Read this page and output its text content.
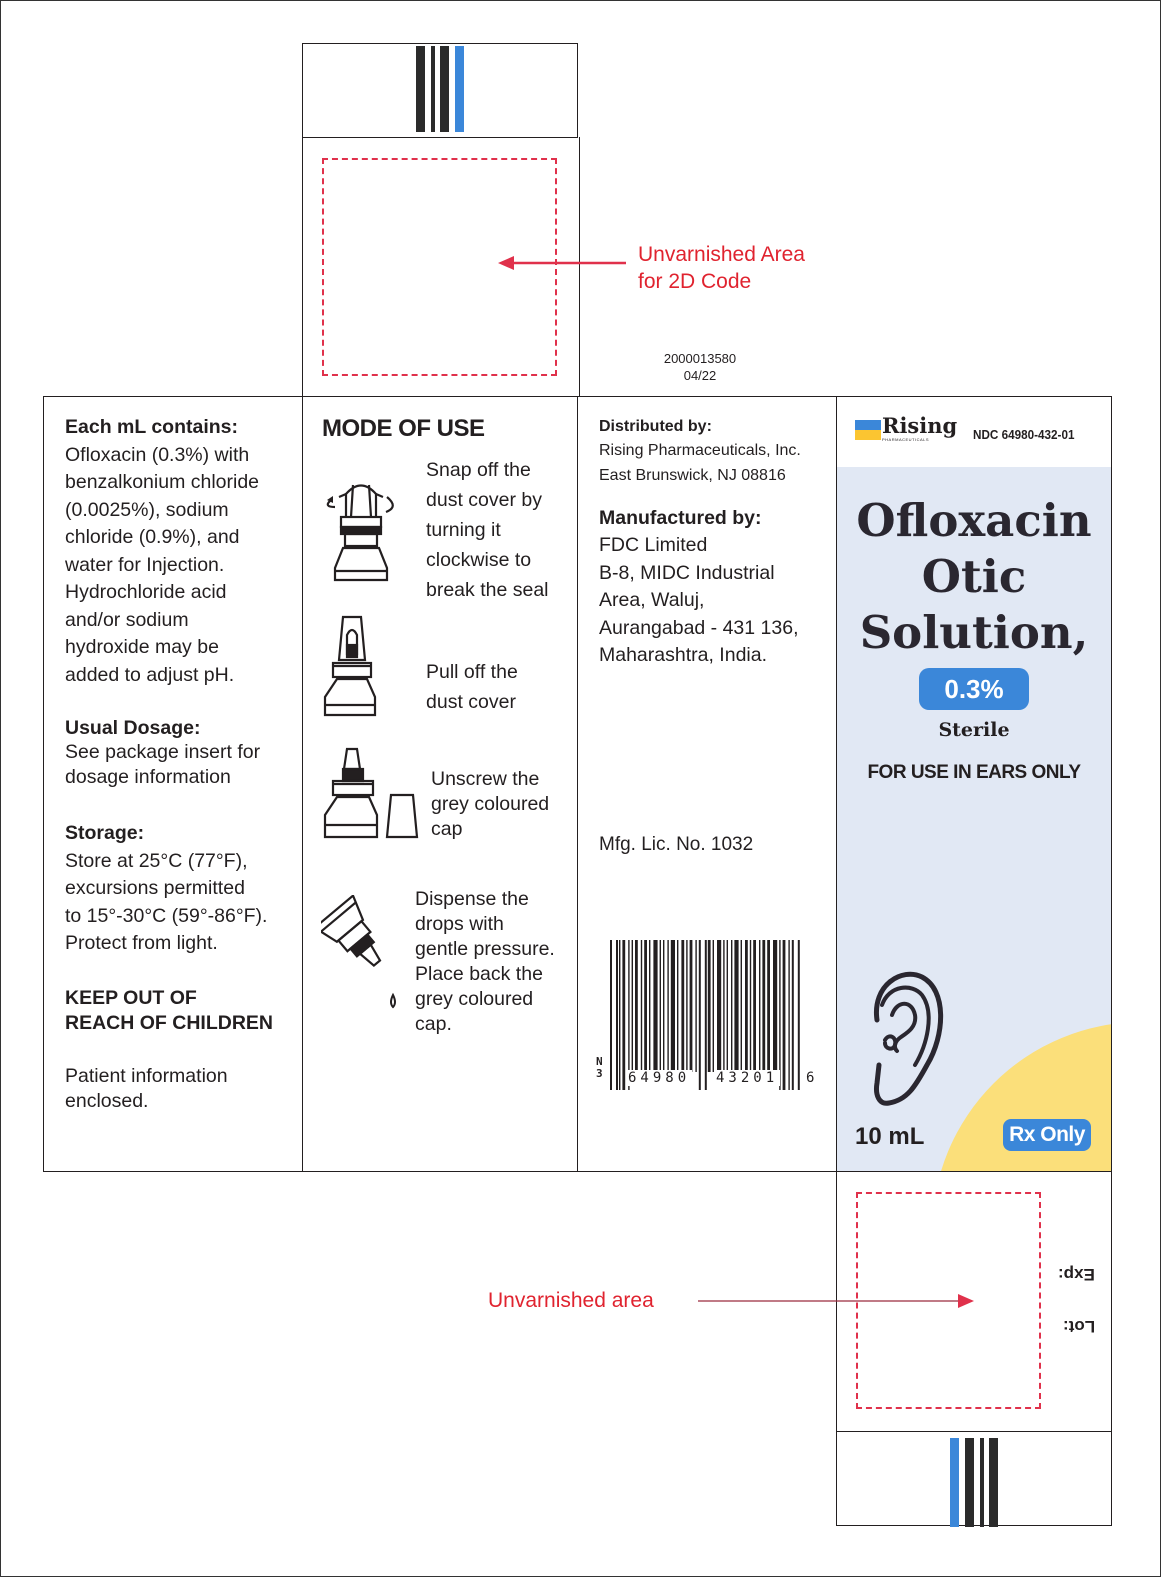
Unvarnished Area
for 2D Code
2000013580
04/22
Each mL contains:
Ofloxacin (0.3%) with
benzalkonium chloride
(0.0025%), sodium
chloride (0.9%), and
water for Injection.
Hydrochloride acid
and/or sodium
hydroxide may be
added to adjust pH.
Usual Dosage:
See package insert for
dosage information
Storage:
Store at 25°C (77°F),
excursions permitted
to 15°-30°C (59°-86°F).
Protect from light.
KEEP OUT OF
REACH OF CHILDREN
Patient information
enclosed.
MODE OF USE
Snap off the
dust cover by
turning it
clockwise to
break the seal
Pull off the
dust cover
Unscrew the
grey coloured
cap
Dispense the
drops with
gentle pressure.
Place back the
grey coloured
cap.
Distributed by:
Rising Pharmaceuticals, Inc.
East Brunswick, NJ 08816
Manufactured by:
FDC Limited
B-8, MIDC Industrial
Area, Waluj,
Aurangabad - 431 136,
Maharashtra, India.
Mfg. Lic. No. 1032
N
3 64980 43201 6
Rising
PHARMACEUTICALS	NDC 64980-432-01
Ofloxacin
Otic
Solution,
0.3%
Sterile
FOR USE IN EARS ONLY
10 mL	Rx Only
Exp:
Lot:
Unvarnished area
